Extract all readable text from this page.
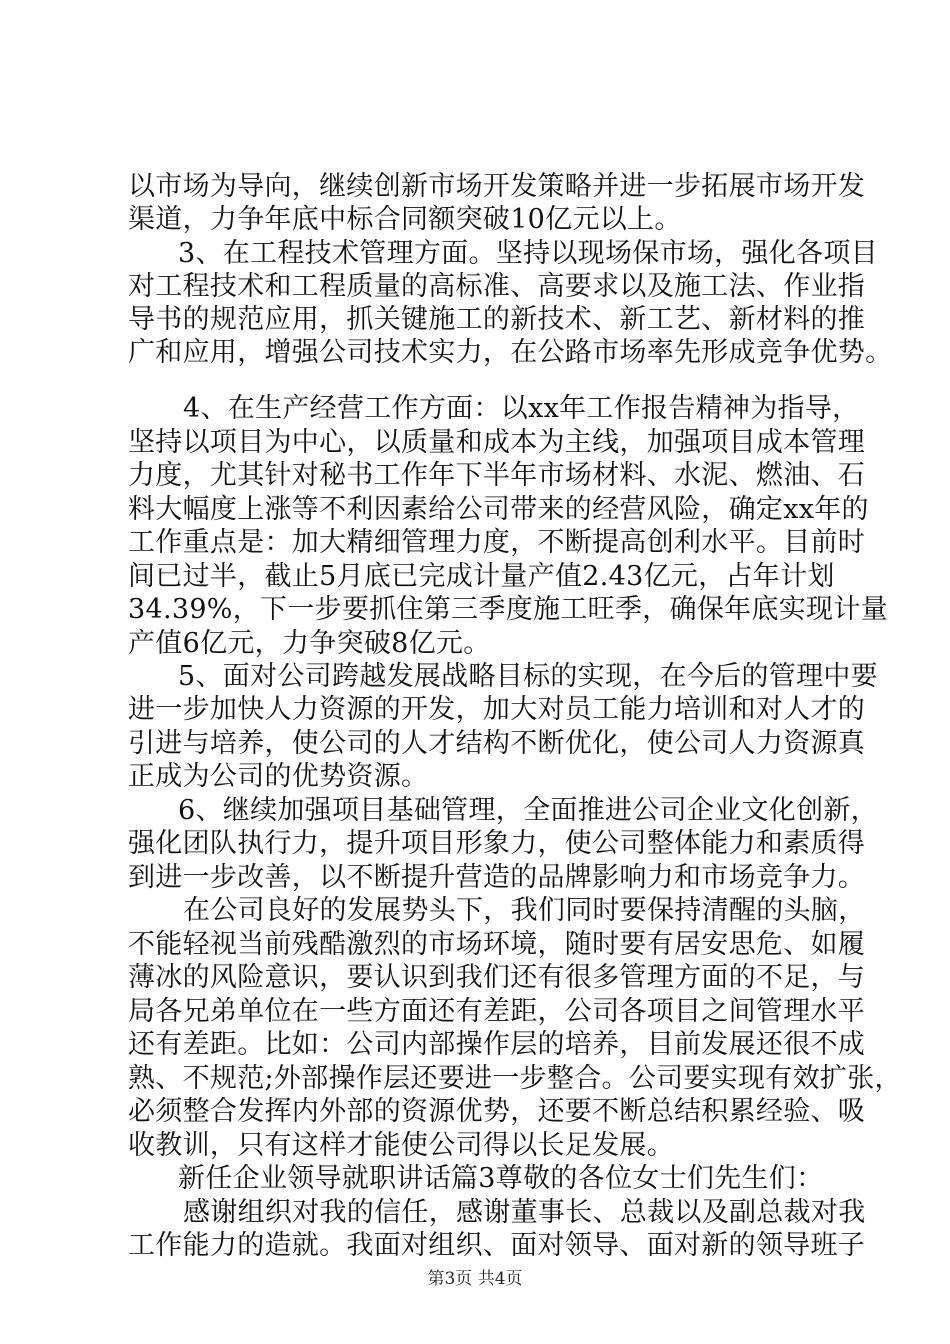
以市场为导向，继续创新市场开发策略并进一步拓展市场开发
渠道，力争年底中标合同额突破10亿元以上。
3、在工程技术管理方面。坚持以现场保市场，强化各项目
对工程技术和工程质量的高标准、高要求以及施工法、作业指
导书的规范应用，抓关键施工的新技术、新工艺、新材料的推
广和应用，增强公司技术实力，在公路市场率先形成竞争优势。
4、在生产经营工作方面：以xx年工作报告精神为指导，
坚持以项目为中心，以质量和成本为主线，加强项目成本管理
力度，尤其针对秘书工作年下半年市场材料、水泥、燃油、石
料大幅度上涨等不利因素给公司带来的经营风险，确定xx年的
工作重点是：加大精细管理力度，不断提高创利水平。目前时
间已过半，截止5月底已完成计量产值2.43亿元，占年计划
34.39%，下一步要抓住第三季度施工旺季，确保年底实现计量
产值6亿元，力争突破8亿元。
5、面对公司跨越发展战略目标的实现，在今后的管理中要
进一步加快人力资源的开发，加大对员工能力培训和对人才的
引进与培养，使公司的人才结构不断优化，使公司人力资源真
正成为公司的优势资源。
6、继续加强项目基础管理，全面推进公司企业文化创新，
强化团队执行力，提升项目形象力，使公司整体能力和素质得
到进一步改善，以不断提升营造的品牌影响力和市场竞争力。
在公司良好的发展势头下，我们同时要保持清醒的头脑，
不能轻视当前残酷激烈的市场环境，随时要有居安思危、如履
薄冰的风险意识，要认识到我们还有很多管理方面的不足，与
局各兄弟单位在一些方面还有差距，公司各项目之间管理水平
还有差距。比如：公司内部操作层的培养，目前发展还很不成
熟、不规范;外部操作层还要进一步整合。公司要实现有效扩张，
必须整合发挥内外部的资源优势，还要不断总结积累经验、吸
收教训，只有这样才能使公司得以长足发展。
新任企业领导就职讲话篇3尊敬的各位女士们先生们：
感谢组织对我的信任，感谢董事长、总裁以及副总裁对我
工作能力的造就。我面对组织、面对领导、面对新的领导班子
第3页 共4页
